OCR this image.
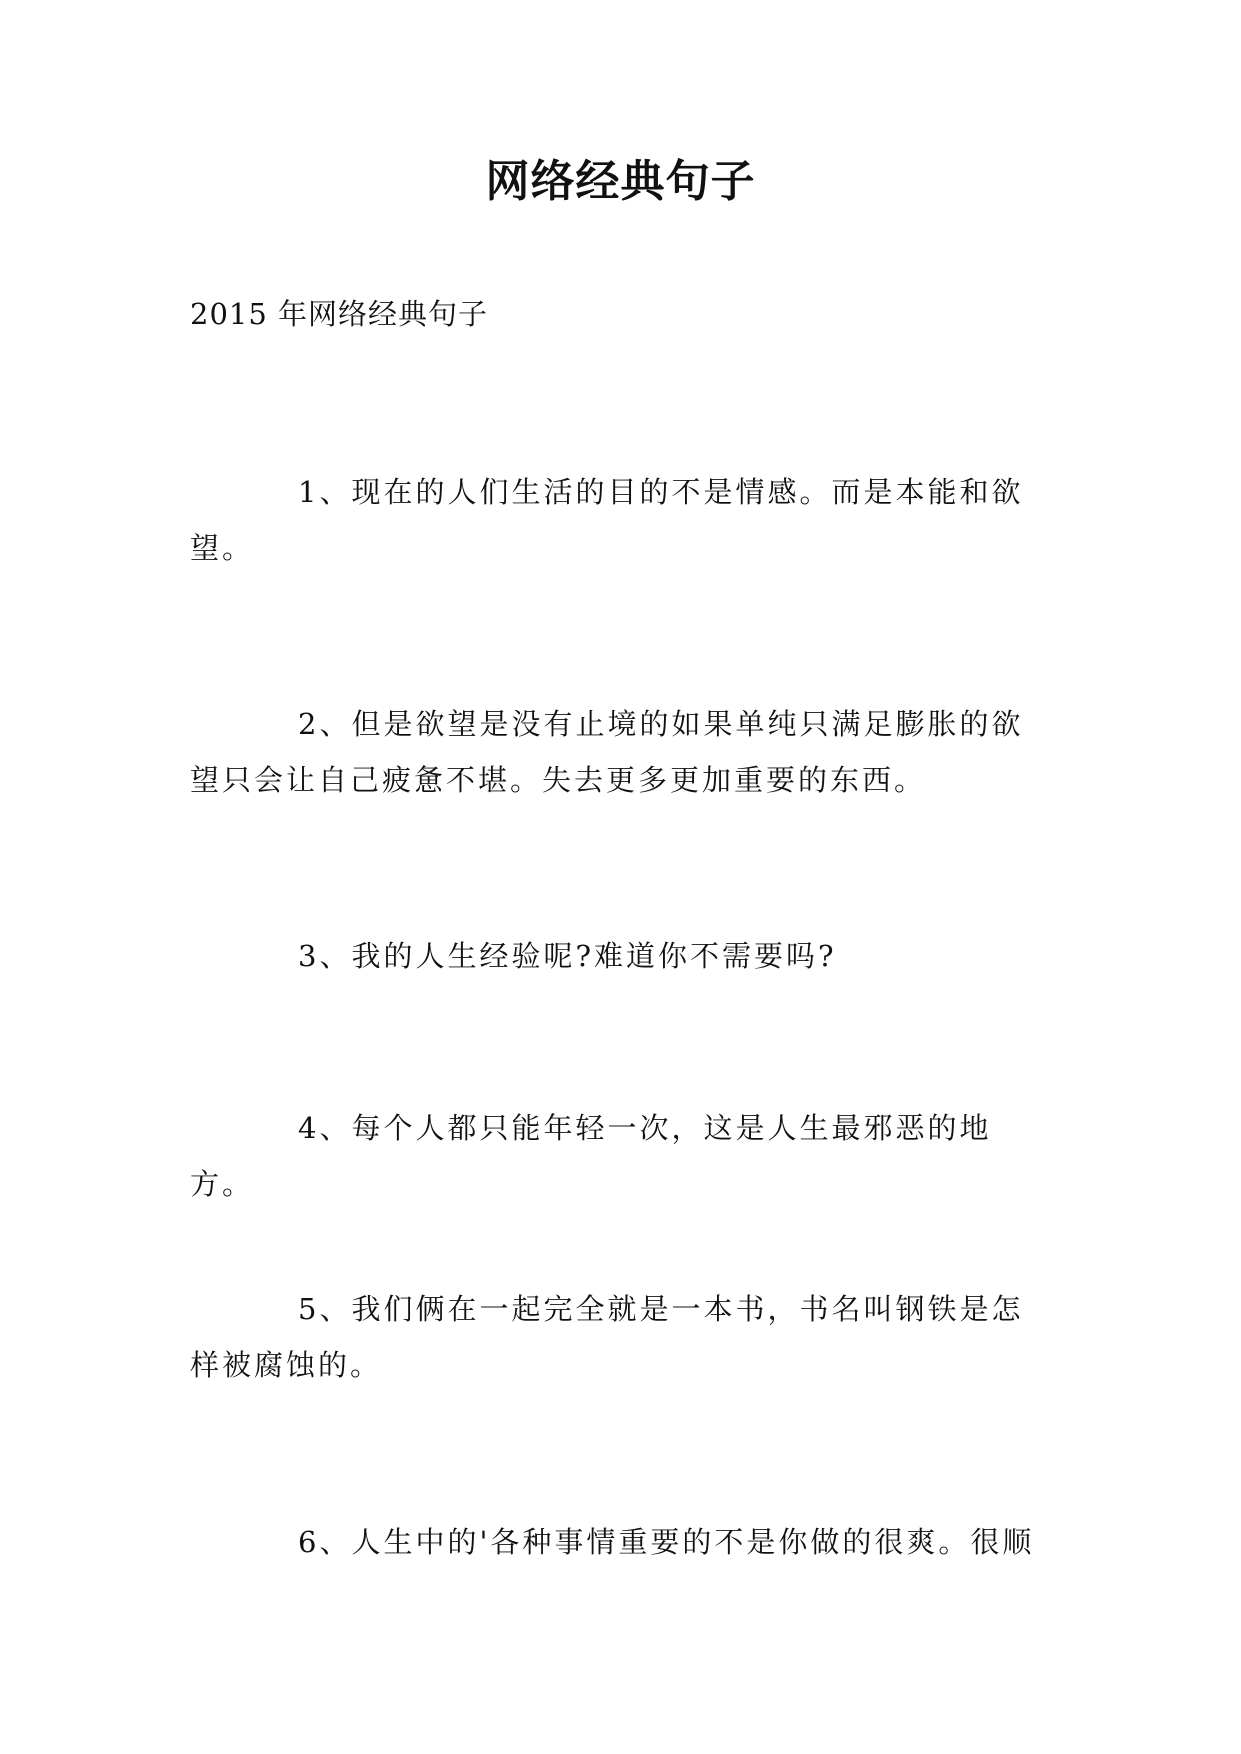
网络经典句子

2015 年网络经典句子

1、现在的人们生活的目的不是情感。而是本能和欲望。

2、但是欲望是没有止境的如果单纯只满足膨胀的欲望只会让自己疲惫不堪。失去更多更加重要的东西。

3、我的人生经验呢?难道你不需要吗?

4、每个人都只能年轻一次，这是人生最邪恶的地方。

5、我们俩在一起完全就是一本书，书名叫钢铁是怎样被腐蚀的。

6、人生中的'各种事情重要的不是你做的很爽。很顺
